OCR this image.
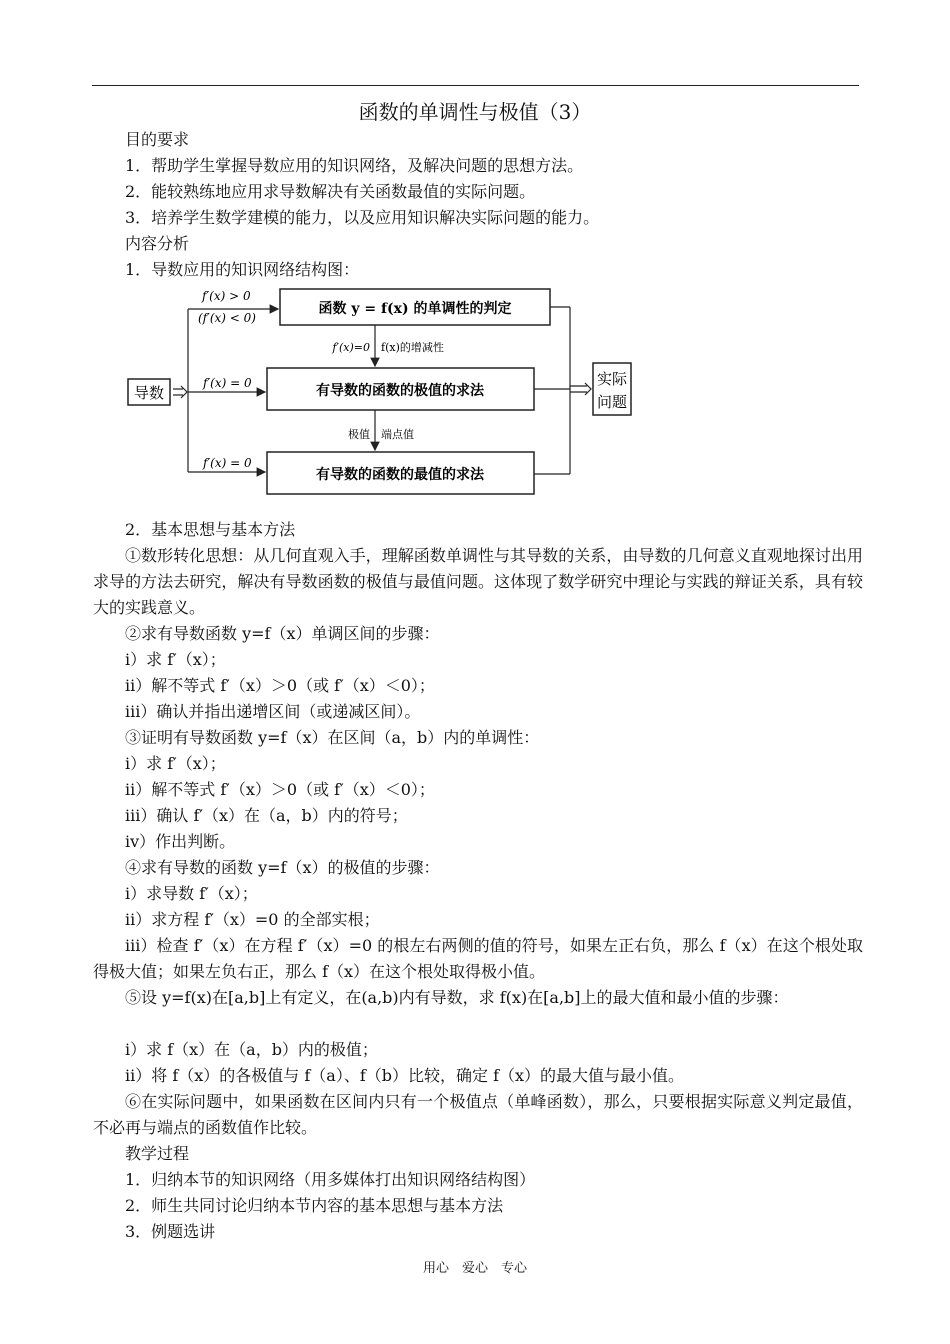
函数的单调性与极值（3）
目的要求
1．帮助学生掌握导数应用的知识网络，及解决问题的思想方法。
2．能较熟练地应用求导数解决有关函数最值的实际问题。
3．培养学生数学建模的能力，以及应用知识解决实际问题的能力。
内容分析
1．导数应用的知识网络结构图：
导数
f′(x) > 0
(f′(x) < 0)
f′(x) = 0
f′(x) = 0
函数 y = f(x) 的单调性的判定
f′(x)=0 f(x)的增减性
有导数的函数的极值的求法
极值 端点值
有导数的函数的最值的求法
实际
问题
2．基本思想与基本方法
①数形转化思想：从几何直观入手，理解函数单调性与其导数的关系，由导数的几何意义直观地探讨出用求导的方法去研究，解决有导数函数的极值与最值问题。这体现了数学研究中理论与实践的辩证关系，具有较大的实践意义。
②求有导数函数 y=f（x）单调区间的步骤：
i）求 f′（x）；
ii）解不等式 f′（x）＞0（或 f′（x）＜0）；
iii）确认并指出递增区间（或递减区间）。
③证明有导数函数 y=f（x）在区间（a，b）内的单调性：
i）求 f′（x）；
ii）解不等式 f′（x）＞0（或 f′（x）＜0）；
iii）确认 f′（x）在（a，b）内的符号；
iv）作出判断。
④求有导数的函数 y=f（x）的极值的步骤：
i）求导数 f′（x）；
ii）求方程 f′（x）=0 的全部实根；
iii）检查 f′（x）在方程 f′（x）=0 的根左右两侧的值的符号，如果左正右负，那么 f（x）在这个根处取得极大值；如果左负右正，那么 f（x）在这个根处取得极小值。
⑤设 y=f(x)在[a,b]上有定义，在(a,b)内有导数，求 f(x)在[a,b]上的最大值和最小值的步骤：
i）求 f（x）在（a，b）内的极值；
ii）将 f（x）的各极值与 f（a）、f（b）比较，确定 f（x）的最大值与最小值。
⑥在实际问题中，如果函数在区间内只有一个极值点（单峰函数），那么，只要根据实际意义判定最值，不必再与端点的函数值作比较。
教学过程
1．归纳本节的知识网络（用多媒体打出知识网络结构图）
2．师生共同讨论归纳本节内容的基本思想与基本方法
3．例题选讲
用心　爱心　专心
